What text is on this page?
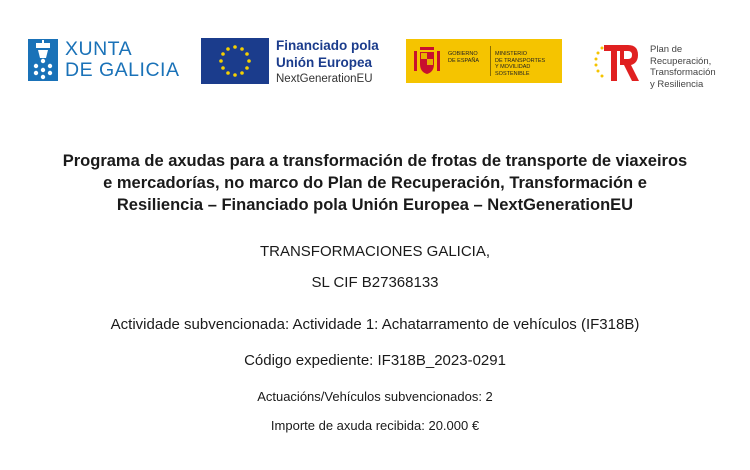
XUNTA
DE GALICIA
Financiado pola
Unión Europea
NextGenerationEU
GOBIERNO
DE ESPAÑA
MINISTERIO
DE TRANSPORTES
Y MOVILIDAD SOSTENIBLE
Plan de
Recuperación,
Transformación
y Resiliencia
Programa de axudas para a transformación de frotas de transporte de viaxeiros
e mercadorías, no marco do Plan de Recuperación, Transformación e
Resiliencia – Financiado pola Unión Europea – NextGenerationEU
TRANSFORMACIONES GALICIA,
SL CIF B27368133
Actividade subvencionada: Actividade 1: Achatarramento de vehículos (IF318B)
Código expediente: IF318B_2023-0291
Actuacións/Vehículos subvencionados: 2
Importe de axuda recibida: 20.000 €
